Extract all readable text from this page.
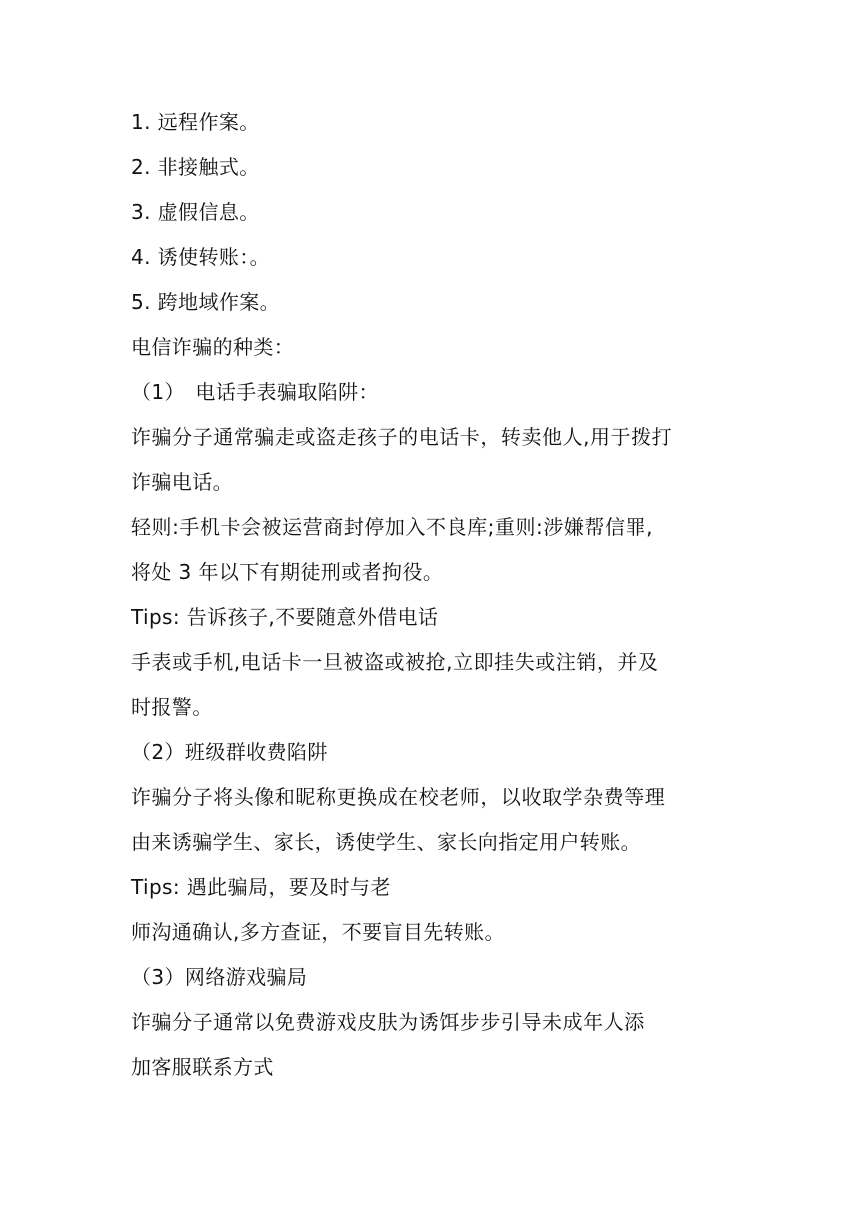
1. 远程作案。

2. 非接触式。

3. 虚假信息。

4. 诱使转账：。

5. 跨地域作案。

电信诈骗的种类：

（1）　电话手表骗取陷阱：

诈骗分子通常骗走或盗走孩子的电话卡，转卖他人,用于拨打

诈骗电话。

轻则:手机卡会被运营商封停加入不良库;重则:涉嫌帮信罪,

将处 3 年以下有期徒刑或者拘役。

Tips: 告诉孩子,不要随意外借电话

手表或手机,电话卡一旦被盗或被抢,立即挂失或注销，并及

时报警。

（2）班级群收费陷阱

诈骗分子将头像和昵称更换成在校老师，以收取学杂费等理

由来诱骗学生、家长，诱使学生、家长向指定用户转账。

Tips: 遇此骗局，要及时与老

师沟通确认,多方查证，不要盲目先转账。

（3）网络游戏骗局

诈骗分子通常以免费游戏皮肤为诱饵步步引导未成年人添

加客服联系方式
